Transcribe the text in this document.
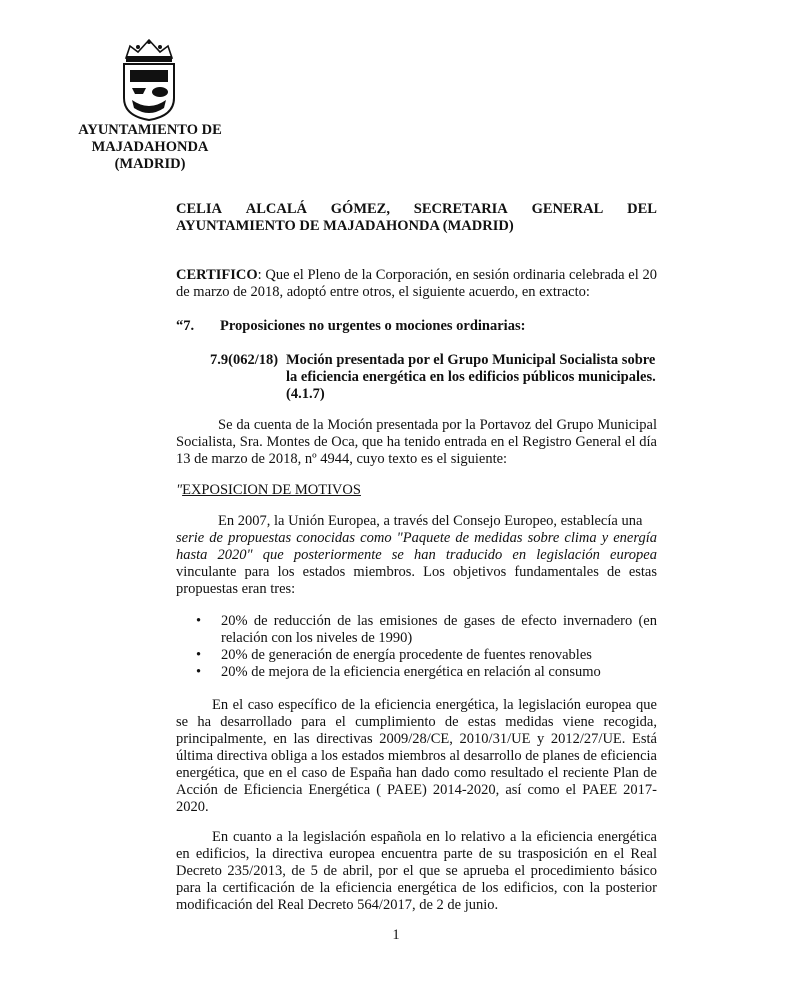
AYUNTAMIENTO DE
MAJADAHONDA
(MADRID)
CELIA ALCALÁ GÓMEZ, SECRETARIA GENERAL DEL
AYUNTAMIENTO DE MAJADAHONDA (MADRID)
CERTIFICO: Que el Pleno de la Corporación, en sesión ordinaria celebrada el 20 de marzo de 2018, adoptó entre otros, el siguiente acuerdo, en extracto:
“7. Proposiciones no urgentes o mociones ordinarias:
7.9(062/18) Moción presentada por el Grupo Municipal Socialista sobre la eficiencia energética en los edificios públicos municipales. (4.1.7)
Se da cuenta de la Moción presentada por la Portavoz del Grupo Municipal Socialista, Sra. Montes de Oca, que ha tenido entrada en el Registro General el día 13 de marzo de 2018, nº 4944, cuyo texto es el siguiente:
"EXPOSICION DE MOTIVOS
En 2007, la Unión Europea, a través del Consejo Europeo, establecía una
serie de propuestas conocidas como "Paquete de medidas sobre clima y energía hasta 2020" que posteriormente se han traducido en legislación europea vinculante para los estados miembros. Los objetivos fundamentales de estas propuestas eran tres:
• 20% de reducción de las emisiones de gases de efecto invernadero (en relación con los niveles de 1990)
• 20% de generación de energía procedente de fuentes renovables
• 20% de mejora de la eficiencia energética en relación al consumo
En el caso específico de la eficiencia energética, la legislación europea que se ha desarrollado para el cumplimiento de estas medidas viene recogida, principalmente, en las directivas 2009/28/CE, 2010/31/UE y 2012/27/UE. Está última directiva obliga a los estados miembros al desarrollo de planes de eficiencia energética, que en el caso de España han dado como resultado el reciente Plan de Acción de Eficiencia Energética ( PAEE) 2014-2020, así como el PAEE 2017-2020.
En cuanto a la legislación española en lo relativo a la eficiencia energética en edificios, la directiva europea encuentra parte de su trasposición en el Real Decreto 235/2013, de 5 de abril, por el que se aprueba el procedimiento básico para la certificación de la eficiencia energética de los edificios, con la posterior modificación del Real Decreto 564/2017, de 2 de junio.
1
